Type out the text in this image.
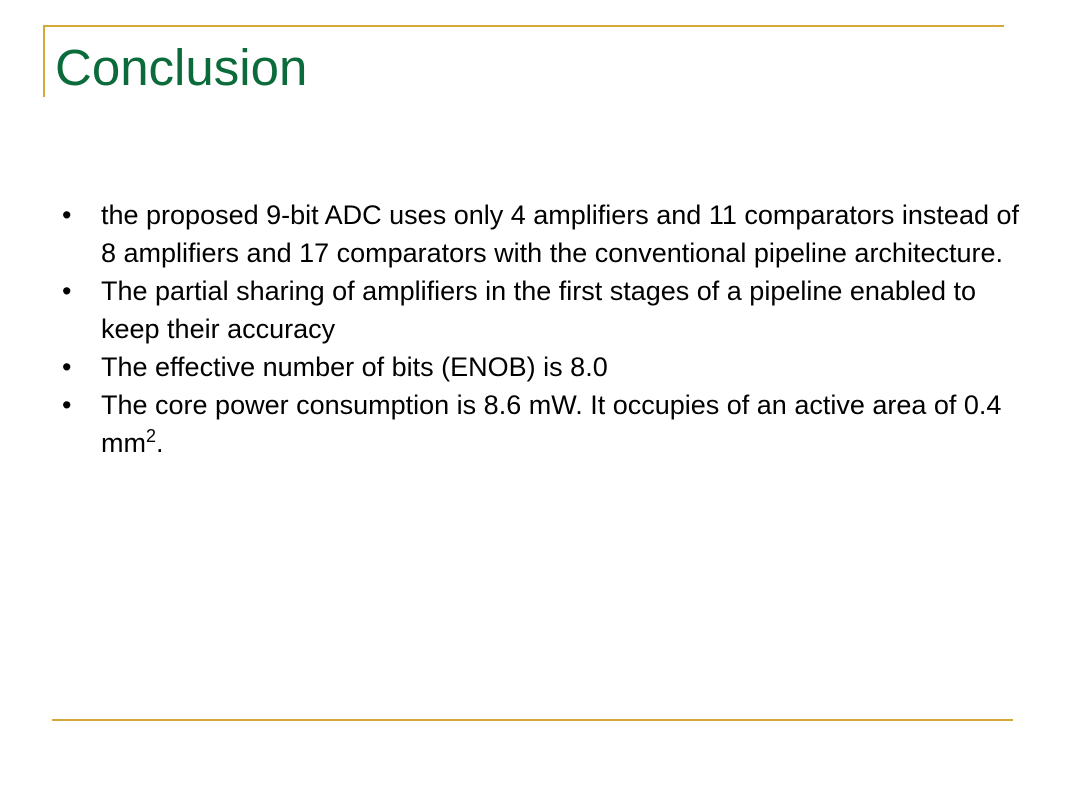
Conclusion
• the proposed 9-bit ADC uses only 4 amplifiers and 11 comparators instead of 8 amplifiers and 17 comparators with the conventional pipeline architecture.
• The partial sharing of amplifiers in the first stages of a pipeline enabled to keep their accuracy
• The effective number of bits (ENOB) is 8.0
• The core power consumption is 8.6 mW. It occupies of an active area of 0.4 $mm^2$.
